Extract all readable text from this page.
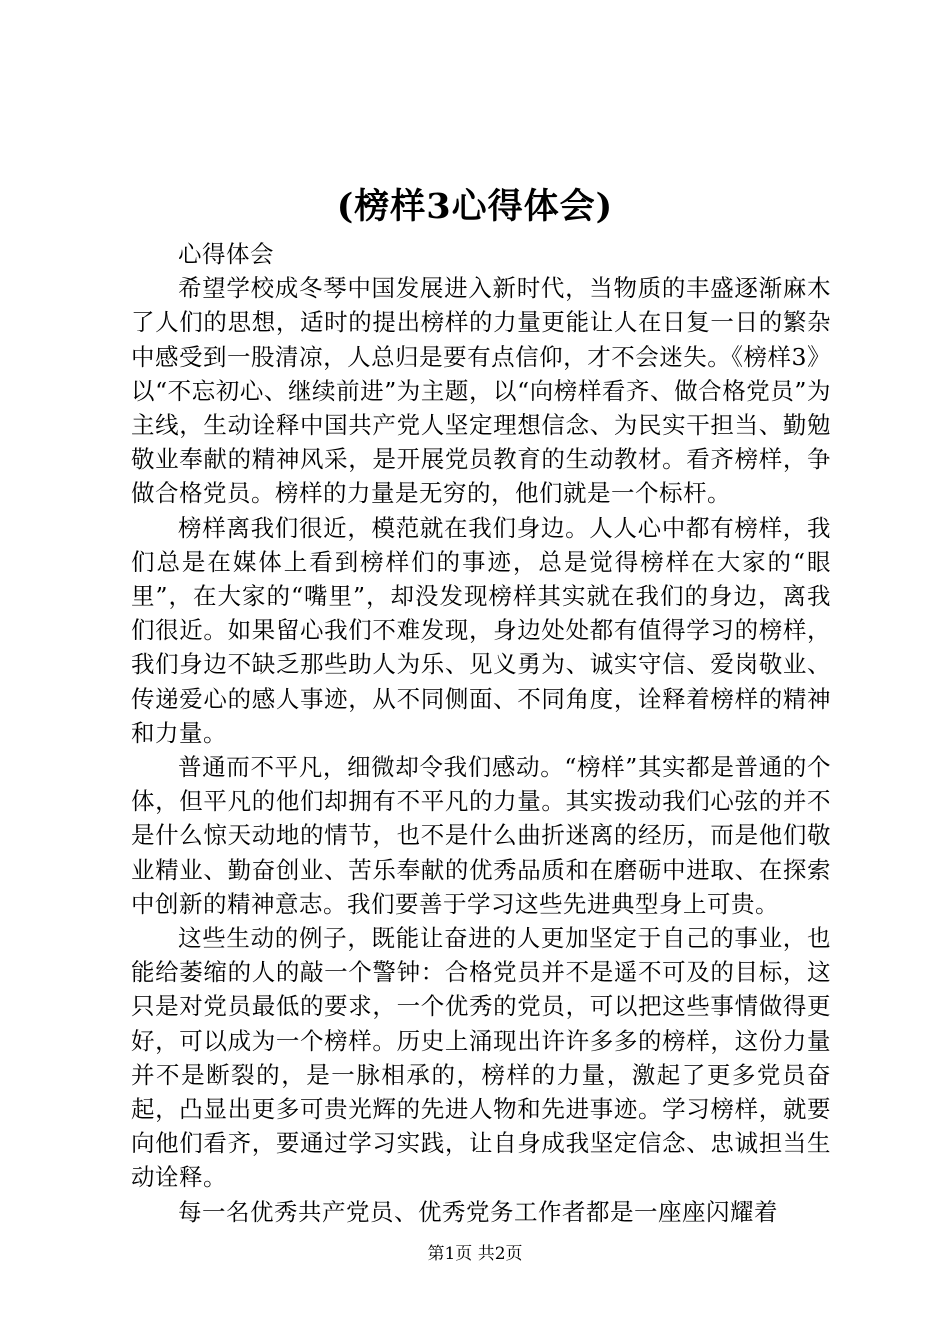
(榜样3心得体会)

心得体会

希望学校成冬琴中国发展进入新时代，当物质的丰盛逐渐麻木了人们的思想，适时的提出榜样的力量更能让人在日复一日的繁杂中感受到一股清凉，人总归是要有点信仰，才不会迷失。《榜样3》以“不忘初心、继续前进”为主题，以“向榜样看齐、做合格党员”为主线，生动诠释中国共产党人坚定理想信念、为民实干担当、勤勉敬业奉献的精神风采，是开展党员教育的生动教材。看齐榜样，争做合格党员。榜样的力量是无穷的，他们就是一个标杆。

榜样离我们很近，模范就在我们身边。人人心中都有榜样，我们总是在媒体上看到榜样们的事迹，总是觉得榜样在大家的“眼里”，在大家的“嘴里”，却没发现榜样其实就在我们的身边，离我们很近。如果留心我们不难发现，身边处处都有值得学习的榜样，我们身边不缺乏那些助人为乐、见义勇为、诚实守信、爱岗敬业、传递爱心的感人事迹，从不同侧面、不同角度，诠释着榜样的精神和力量。

普通而不平凡，细微却令我们感动。“榜样”其实都是普通的个体，但平凡的他们却拥有不平凡的力量。其实拨动我们心弦的并不是什么惊天动地的情节，也不是什么曲折迷离的经历，而是他们敬业精业、勤奋创业、苦乐奉献的优秀品质和在磨砺中进取、在探索中创新的精神意志。我们要善于学习这些先进典型身上可贵。

这些生动的例子，既能让奋进的人更加坚定于自己的事业，也能给萎缩的人的敲一个警钟：合格党员并不是遥不可及的目标，这只是对党员最低的要求，一个优秀的党员，可以把这些事情做得更好，可以成为一个榜样。历史上涌现出许许多多的榜样，这份力量并不是断裂的，是一脉相承的，榜样的力量，激起了更多党员奋起，凸显出更多可贵光辉的先进人物和先进事迹。学习榜样，就要向他们看齐，要通过学习实践，让自身成我坚定信念、忠诚担当生动诠释。

每一名优秀共产党员、优秀党务工作者都是一座座闪耀着

第1页 共2页
